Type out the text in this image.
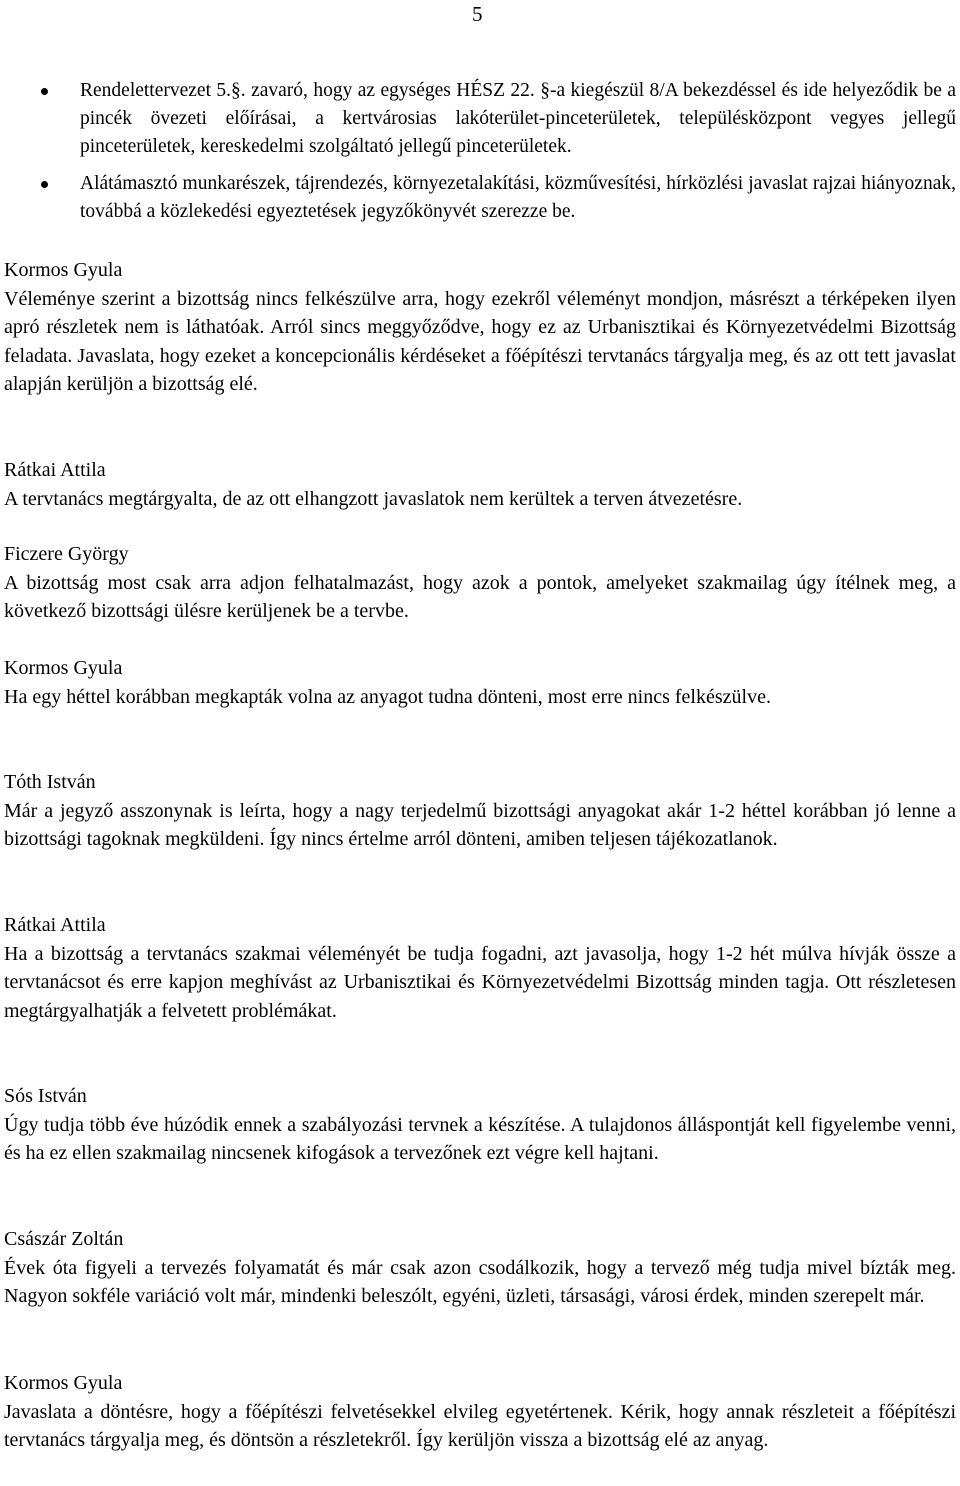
5
Rendelettervezet 5.§. zavaró, hogy az egységes HÉSZ 22. §-a kiegészül 8/A bekezdéssel és ide helyeződik be a pincék övezeti előírásai, a kertvárosias lakóterület-pinceterületek, településközpont vegyes jellegű pinceterületek, kereskedelmi szolgáltató jellegű pinceterületek.
Alátámasztó munkarészek, tájrendezés, környezetalakítási, közművesítési, hírközlési javaslat rajzai hiányoznak, továbbá a közlekedési egyeztetések jegyzőkönyvét szerezze be.
Kormos Gyula
Véleménye szerint a bizottság nincs felkészülve arra, hogy ezekről véleményt mondjon, másrészt a térképeken ilyen apró részletek nem is láthatóak. Arról sincs meggyőződve, hogy ez az Urbanisztikai és Környezetvédelmi Bizottság feladata. Javaslata, hogy ezeket a koncepcionális kérdéseket a főépítészi tervtanács tárgyalja meg, és az ott tett javaslat alapján kerüljön a bizottság elé.
Rátkai Attila
A tervtanács megtárgyalta, de az ott elhangzott javaslatok nem kerültek a terven átvezetésre.
Ficzere György
A bizottság most csak arra adjon felhatalmazást, hogy azok a pontok, amelyeket szakmailag úgy ítélnek meg, a következő bizottsági ülésre kerüljenek be a tervbe.
Kormos Gyula
Ha egy héttel korábban megkapták volna az anyagot tudna dönteni, most erre nincs felkészülve.
Tóth István
Már a jegyző asszonynak is leírta, hogy a nagy terjedelmű bizottsági anyagokat akár 1-2 héttel korábban jó lenne a bizottsági tagoknak megküldeni. Így nincs értelme arról dönteni, amiben teljesen tájékozatlanok.
Rátkai Attila
Ha a bizottság a tervtanács szakmai véleményét be tudja fogadni, azt javasolja, hogy 1-2 hét múlva hívják össze a tervtanácsot és erre kapjon meghívást az Urbanisztikai és Környezetvédelmi Bizottság minden tagja. Ott részletesen megtárgyalhatják a felvetett problémákat.
Sós István
Úgy tudja több éve húzódik ennek a szabályozási tervnek a készítése. A tulajdonos álláspontját kell figyelembe venni, és ha ez ellen szakmailag nincsenek kifogások a tervezőnek ezt végre kell hajtani.
Császár Zoltán
Évek óta figyeli a tervezés folyamatát és már csak azon csodálkozik, hogy a tervező még tudja mivel bízták meg. Nagyon sokféle variáció volt már, mindenki beleszólt, egyéni, üzleti, társasági, városi érdek, minden szerepelt már.
Kormos Gyula
Javaslata a döntésre, hogy a főépítészi felvetésekkel elvileg egyetértenek. Kérik, hogy annak részleteit a főépítészi tervtanács tárgyalja meg, és döntsön a részletekről. Így kerüljön vissza a bizottság elé az anyag.
